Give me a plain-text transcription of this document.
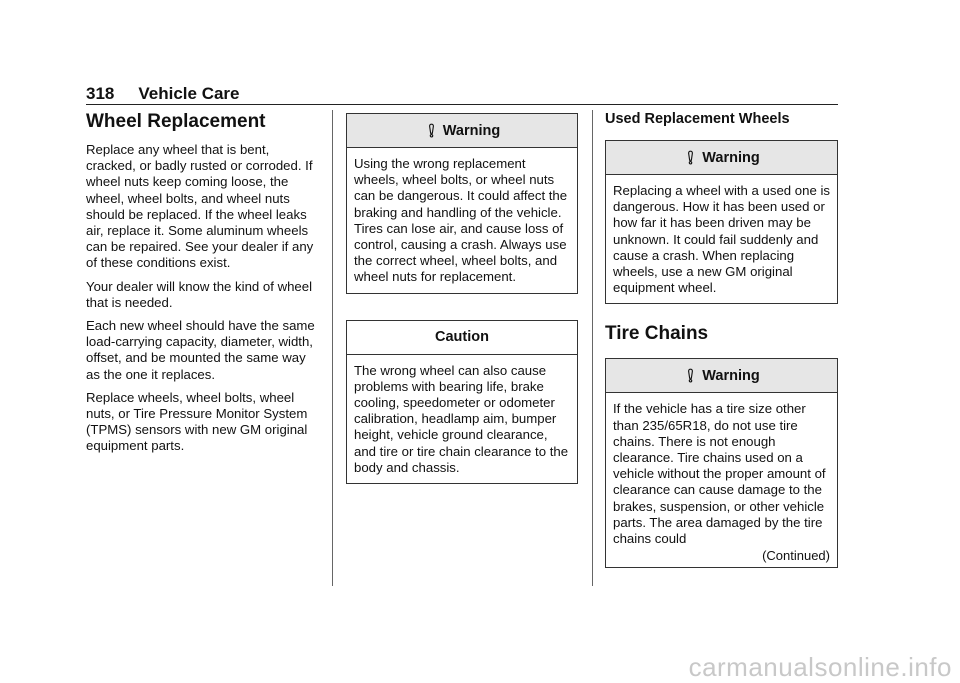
318 Vehicle Care
Wheel Replacement

Replace any wheel that is bent, cracked, or badly rusted or corroded. If wheel nuts keep coming loose, the wheel, wheel bolts, and wheel nuts should be replaced. If the wheel leaks air, replace it. Some aluminum wheels can be repaired. See your dealer if any of these conditions exist.

Your dealer will know the kind of wheel that is needed.

Each new wheel should have the same load-carrying capacity, diameter, width, offset, and be mounted the same way as the one it replaces.

Replace wheels, wheel bolts, wheel nuts, or Tire Pressure Monitor System (TPMS) sensors with new GM original equipment parts.

Warning
Using the wrong replacement wheels, wheel bolts, or wheel nuts can be dangerous. It could affect the braking and handling of the vehicle. Tires can lose air, and cause loss of control, causing a crash. Always use the correct wheel, wheel bolts, and wheel nuts for replacement.
Caution
The wrong wheel can also cause problems with bearing life, brake cooling, speedometer or odometer calibration, headlamp aim, bumper height, vehicle ground clearance, and tire or tire chain clearance to the body and chassis.
Used Replacement Wheels
Warning
Replacing a wheel with a used one is dangerous. How it has been used or how far it has been driven may be unknown. It could fail suddenly and cause a crash. When replacing wheels, use a new GM original equipment wheel.
Tire Chains
Warning
If the vehicle has a tire size other than 235/65R18, do not use tire chains. There is not enough clearance. Tire chains used on a vehicle without the proper amount of clearance can cause damage to the brakes, suspension, or other vehicle parts. The area damaged by the tire chains could
(Continued)
carmanualsonline.info
